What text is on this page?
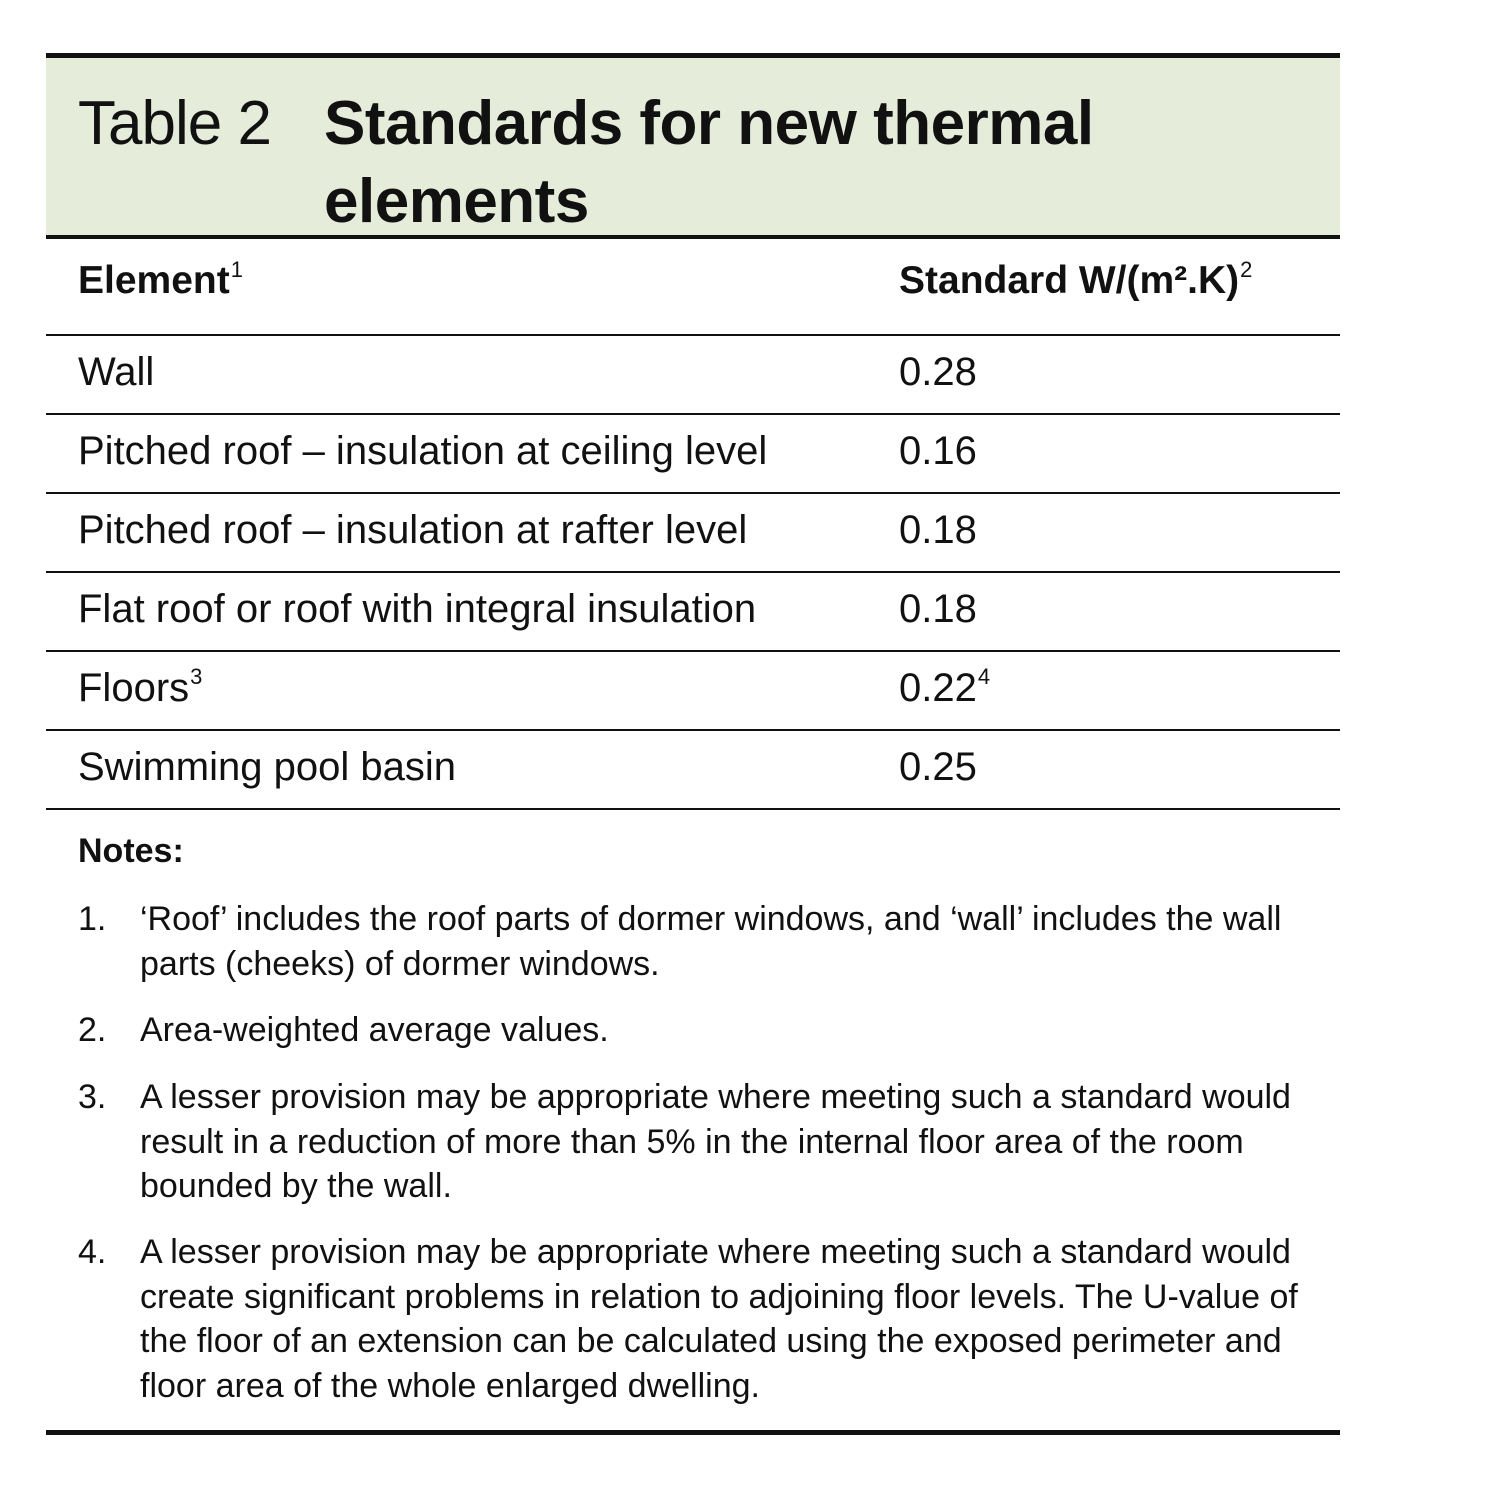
Table 2 Standards for new thermal elements
Element$^1$	Standard $W/(m^2.K)^2$
Wall	0.28
Pitched roof – insulation at ceiling level	0.16
Pitched roof – insulation at rafter level	0.18
Flat roof or roof with integral insulation	0.18
Floors$^3$	0.22$^4$
Swimming pool basin	0.25
Notes:
1. ‘Roof’ includes the roof parts of dormer windows, and ‘wall’ includes the wall parts (cheeks) of dormer windows.
2. Area-weighted average values.
3. A lesser provision may be appropriate where meeting such a standard would result in a reduction of more than 5% in the internal floor area of the room bounded by the wall.
4. A lesser provision may be appropriate where meeting such a standard would create significant problems in relation to adjoining floor levels. The U-value of the floor of an extension can be calculated using the exposed perimeter and floor area of the whole enlarged dwelling.
